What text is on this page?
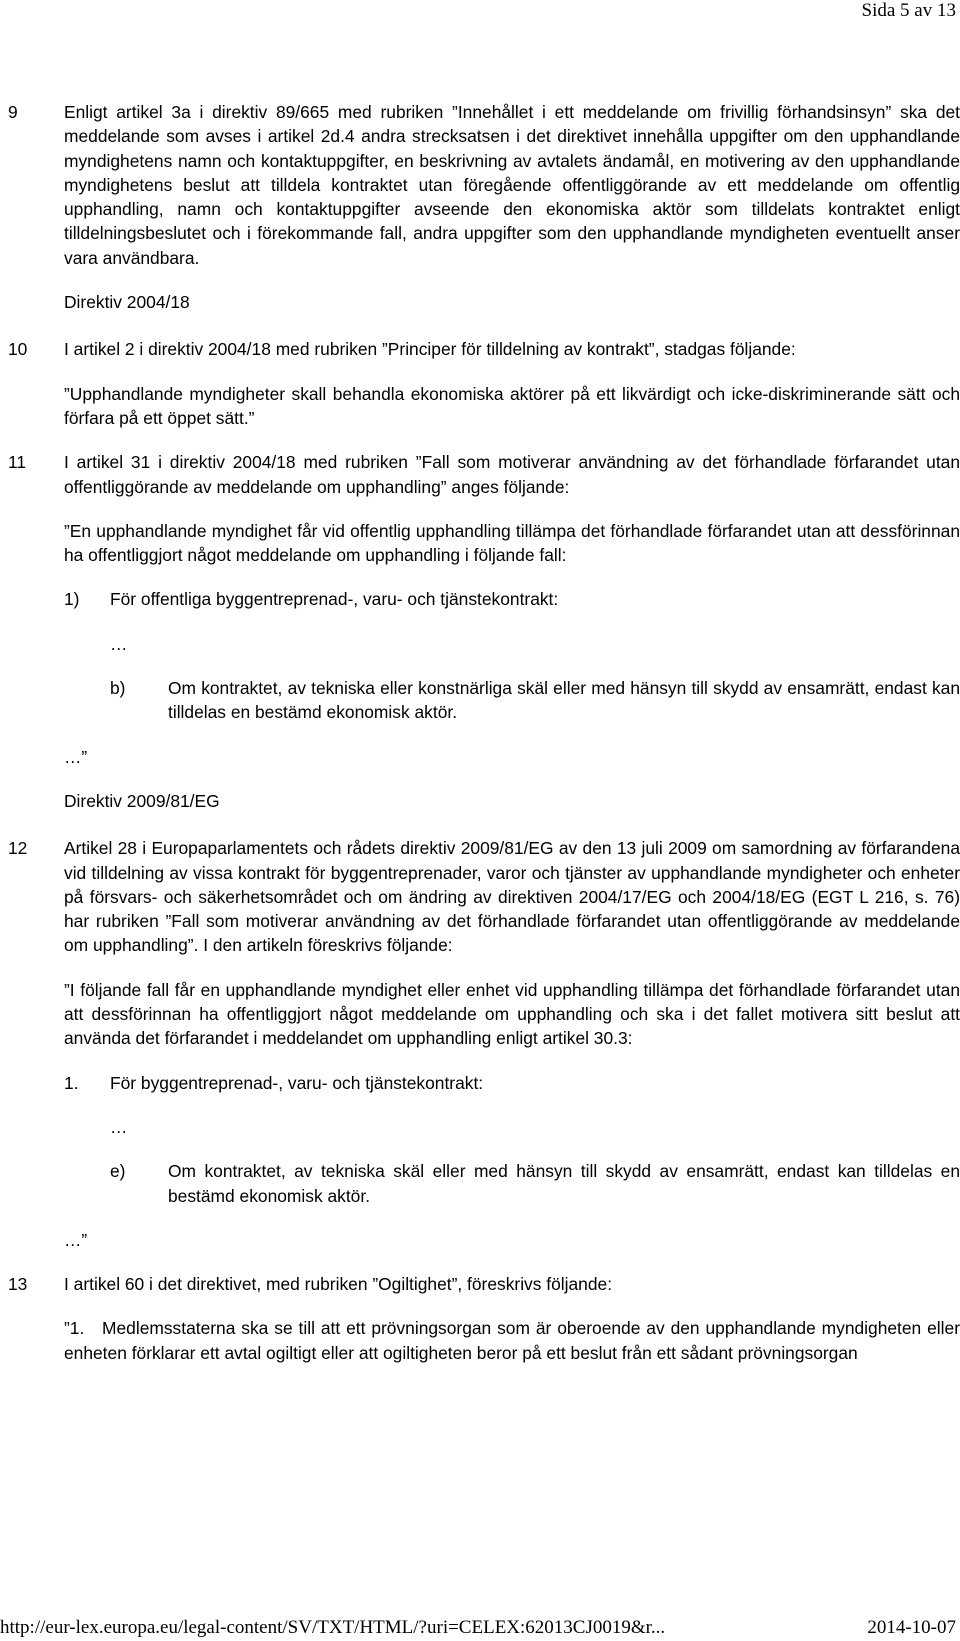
Sida 5 av 13
9	Enligt artikel 3a i direktiv 89/665 med rubriken ”Innehållet i ett meddelande om frivillig förhandsinsyn” ska det meddelande som avses i artikel 2d.4 andra strecksatsen i det direktivet innehålla uppgifter om den upphandlande myndighetens namn och kontaktuppgifter, en beskrivning av avtalets ändamål, en motivering av den upphandlande myndighetens beslut att tilldela kontraktet utan föregående offentliggörande av ett meddelande om offentlig upphandling, namn och kontaktuppgifter avseende den ekonomiska aktör som tilldelats kontraktet enligt tilldelningsbeslutet och i förekommande fall, andra uppgifter som den upphandlande myndigheten eventuellt anser vara användbara.

Direktiv 2004/18
10 I artikel 2 i direktiv 2004/18 med rubriken ”Principer för tilldelning av kontrakt”, stadgas följande:

”Upphandlande myndigheter skall behandla ekonomiska aktörer på ett likvärdigt och icke-diskriminerande sätt och förfara på ett öppet sätt.”
11 I artikel 31 i direktiv 2004/18 med rubriken ”Fall som motiverar användning av det förhandlade förfarandet utan offentliggörande av meddelande om upphandling” anges följande:

”En upphandlande myndighet får vid offentlig upphandling tillämpa det förhandlade förfarandet utan att dessförinnan ha offentliggjort något meddelande om upphandling i följande fall:
1) För offentliga byggentreprenad-, varu- och tjänstekontrakt:
…
b) Om kontraktet, av tekniska eller konstnärliga skäl eller med hänsyn till skydd av ensamrätt, endast kan tilldelas en bestämd ekonomisk aktör.
…”
Direktiv 2009/81/EG
12 Artikel 28 i Europaparlamentets och rådets direktiv 2009/81/EG av den 13 juli 2009 om samordning av förfarandena vid tilldelning av vissa kontrakt för byggentreprenader, varor och tjänster av upphandlande myndigheter och enheter på försvars- och säkerhetsområdet och om ändring av direktiven 2004/17/EG och 2004/18/EG (EGT L 216, s. 76) har rubriken ”Fall som motiverar användning av det förhandlade förfarandet utan offentliggörande av meddelande om upphandling”. I den artikeln föreskrivs följande:

”I följande fall får en upphandlande myndighet eller enhet vid upphandling tillämpa det förhandlade förfarandet utan att dessförinnan ha offentliggjort något meddelande om upphandling och ska i det fallet motivera sitt beslut att använda det förfarandet i meddelandet om upphandling enligt artikel 30.3:
1. För byggentreprenad-, varu- och tjänstekontrakt:
…
e) Om kontraktet, av tekniska skäl eller med hänsyn till skydd av ensamrätt, endast kan tilldelas en bestämd ekonomisk aktör.
…”
13 I artikel 60 i det direktivet, med rubriken ”Ogiltighet”, föreskrivs följande:

”1.   Medlemsstaterna ska se till att ett prövningsorgan som är oberoende av den upphandlande myndigheten eller enheten förklarar ett avtal ogiltigt eller att ogiltigheten beror på ett beslut från ett sådant prövningsorgan
http://eur-lex.europa.eu/legal-content/SV/TXT/HTML/?uri=CELEX:62013CJ0019&r...	2014-10-07
